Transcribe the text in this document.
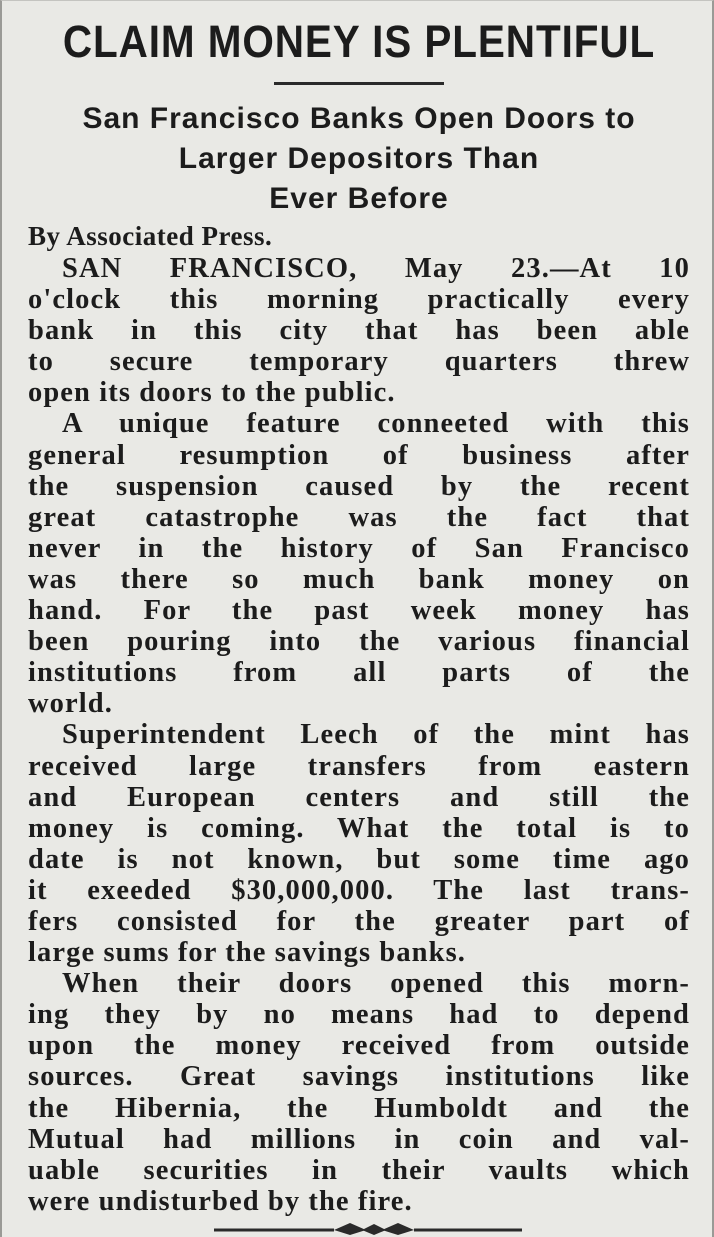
CLAIM MONEY IS PLENTIFUL

San Francisco Banks Open Doors to

Larger Depositors Than

Ever Before

By Associated Press.
SAN FRANCISCO, May 23.—At 10
o'clock this morning practically every
bank in this city that has been able
to secure temporary quarters threw
open its doors to the public.
A unique feature conneeted with this
general resumption of business after
the suspension caused by the recent
great catastrophe was the fact that
never in the history of San Francisco
was there so much bank money on
hand. For the past week money has
been pouring into the various financial
institutions from all parts of the
world.
Superintendent Leech of the mint has
received large transfers from eastern
and European centers and still the
money is coming. What the total is to
date is not known, but some time ago
it exeeded $30,000,000. The last trans-
fers consisted for the greater part of
large sums for the savings banks.
When their doors opened this morn-
ing they by no means had to depend
upon the money received from outside
sources. Great savings institutions like
the Hibernia, the Humboldt and the
Mutual had millions in coin and val-
uable securities in their vaults which
were undisturbed by the fire.
